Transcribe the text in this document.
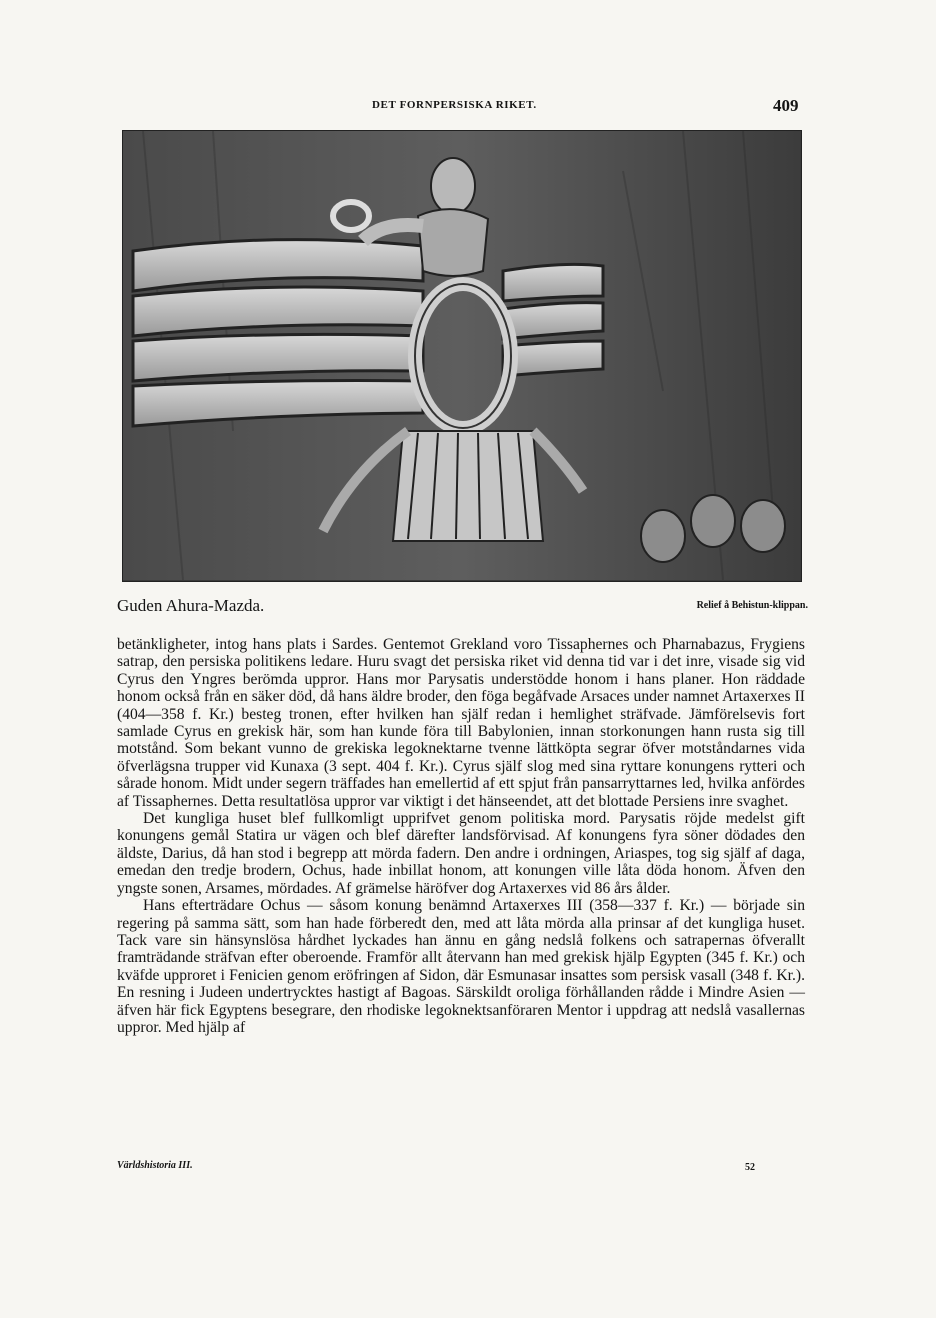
DET FORNPERSISKA RIKET.	409
Guden Ahura-Mazda.	Relief å Behistun-klippan.

betänkligheter, intog hans plats i Sardes. Gentemot Grekland voro Tissaphernes och Pharnabazus, Frygiens satrap, den persiska politikens ledare. Huru svagt det persiska riket vid denna tid var i det inre, visade sig vid Cyrus den Yngres berömda uppror. Hans mor Parysatis understödde honom i hans planer. Hon räddade honom också från en säker död, då hans äldre broder, den föga begåfvade Arsaces under namnet Artaxerxes II (404—358 f. Kr.) besteg tronen, efter hvilken han själf redan i hemlighet sträfvade. Jämförelsevis fort samlade Cyrus en grekisk här, som han kunde föra till Babylonien, innan storkonungen hann rusta sig till motstånd. Som bekant vunno de grekiska legoknektarne tvenne lättköpta segrar öfver motståndarnes vida öfverlägsna trupper vid Kunaxa (3 sept. 404 f. Kr.). Cyrus själf slog med sina ryttare konungens rytteri och sårade honom. Midt under segern träffades han emellertid af ett spjut från pansarryttarnes led, hvilka anfördes af Tissaphernes. Detta resultatlösa uppror var viktigt i det hänseendet, att det blottade Persiens inre svaghet.

Det kungliga huset blef fullkomligt upprifvet genom politiska mord. Parysatis röjde medelst gift konungens gemål Statira ur vägen och blef därefter landsförvisad. Af konungens fyra söner dödades den äldste, Darius, då han stod i begrepp att mörda fadern. Den andre i ordningen, Ariaspes, tog sig själf af daga, emedan den tredje brodern, Ochus, hade inbillat honom, att konungen ville låta döda honom. Äfven den yngste sonen, Arsames, mördades. Af grämelse häröfver dog Artaxerxes vid 86 års ålder.

Hans efterträdare Ochus — såsom konung benämnd Artaxerxes III (358—337 f. Kr.) — började sin regering på samma sätt, som han hade förberedt den, med att låta mörda alla prinsar af det kungliga huset. Tack vare sin hänsynslösa hårdhet lyckades han ännu en gång nedslå folkens och satrapernas öfverallt framträdande sträfvan efter oberoende. Framför allt återvann han med grekisk hjälp Egypten (345 f. Kr.) och kväfde upproret i Fenicien genom eröfringen af Sidon, där Esmunasar insattes som persisk vasall (348 f. Kr.). En resning i Judeen undertrycktes hastigt af Bagoas. Särskildt oroliga förhållanden rådde i Mindre Asien — äfven här fick Egyptens besegrare, den rhodiske legoknektsanföraren Mentor i uppdrag att nedslå vasallernas uppror. Med hjälp af

Världshistoria III.	52
